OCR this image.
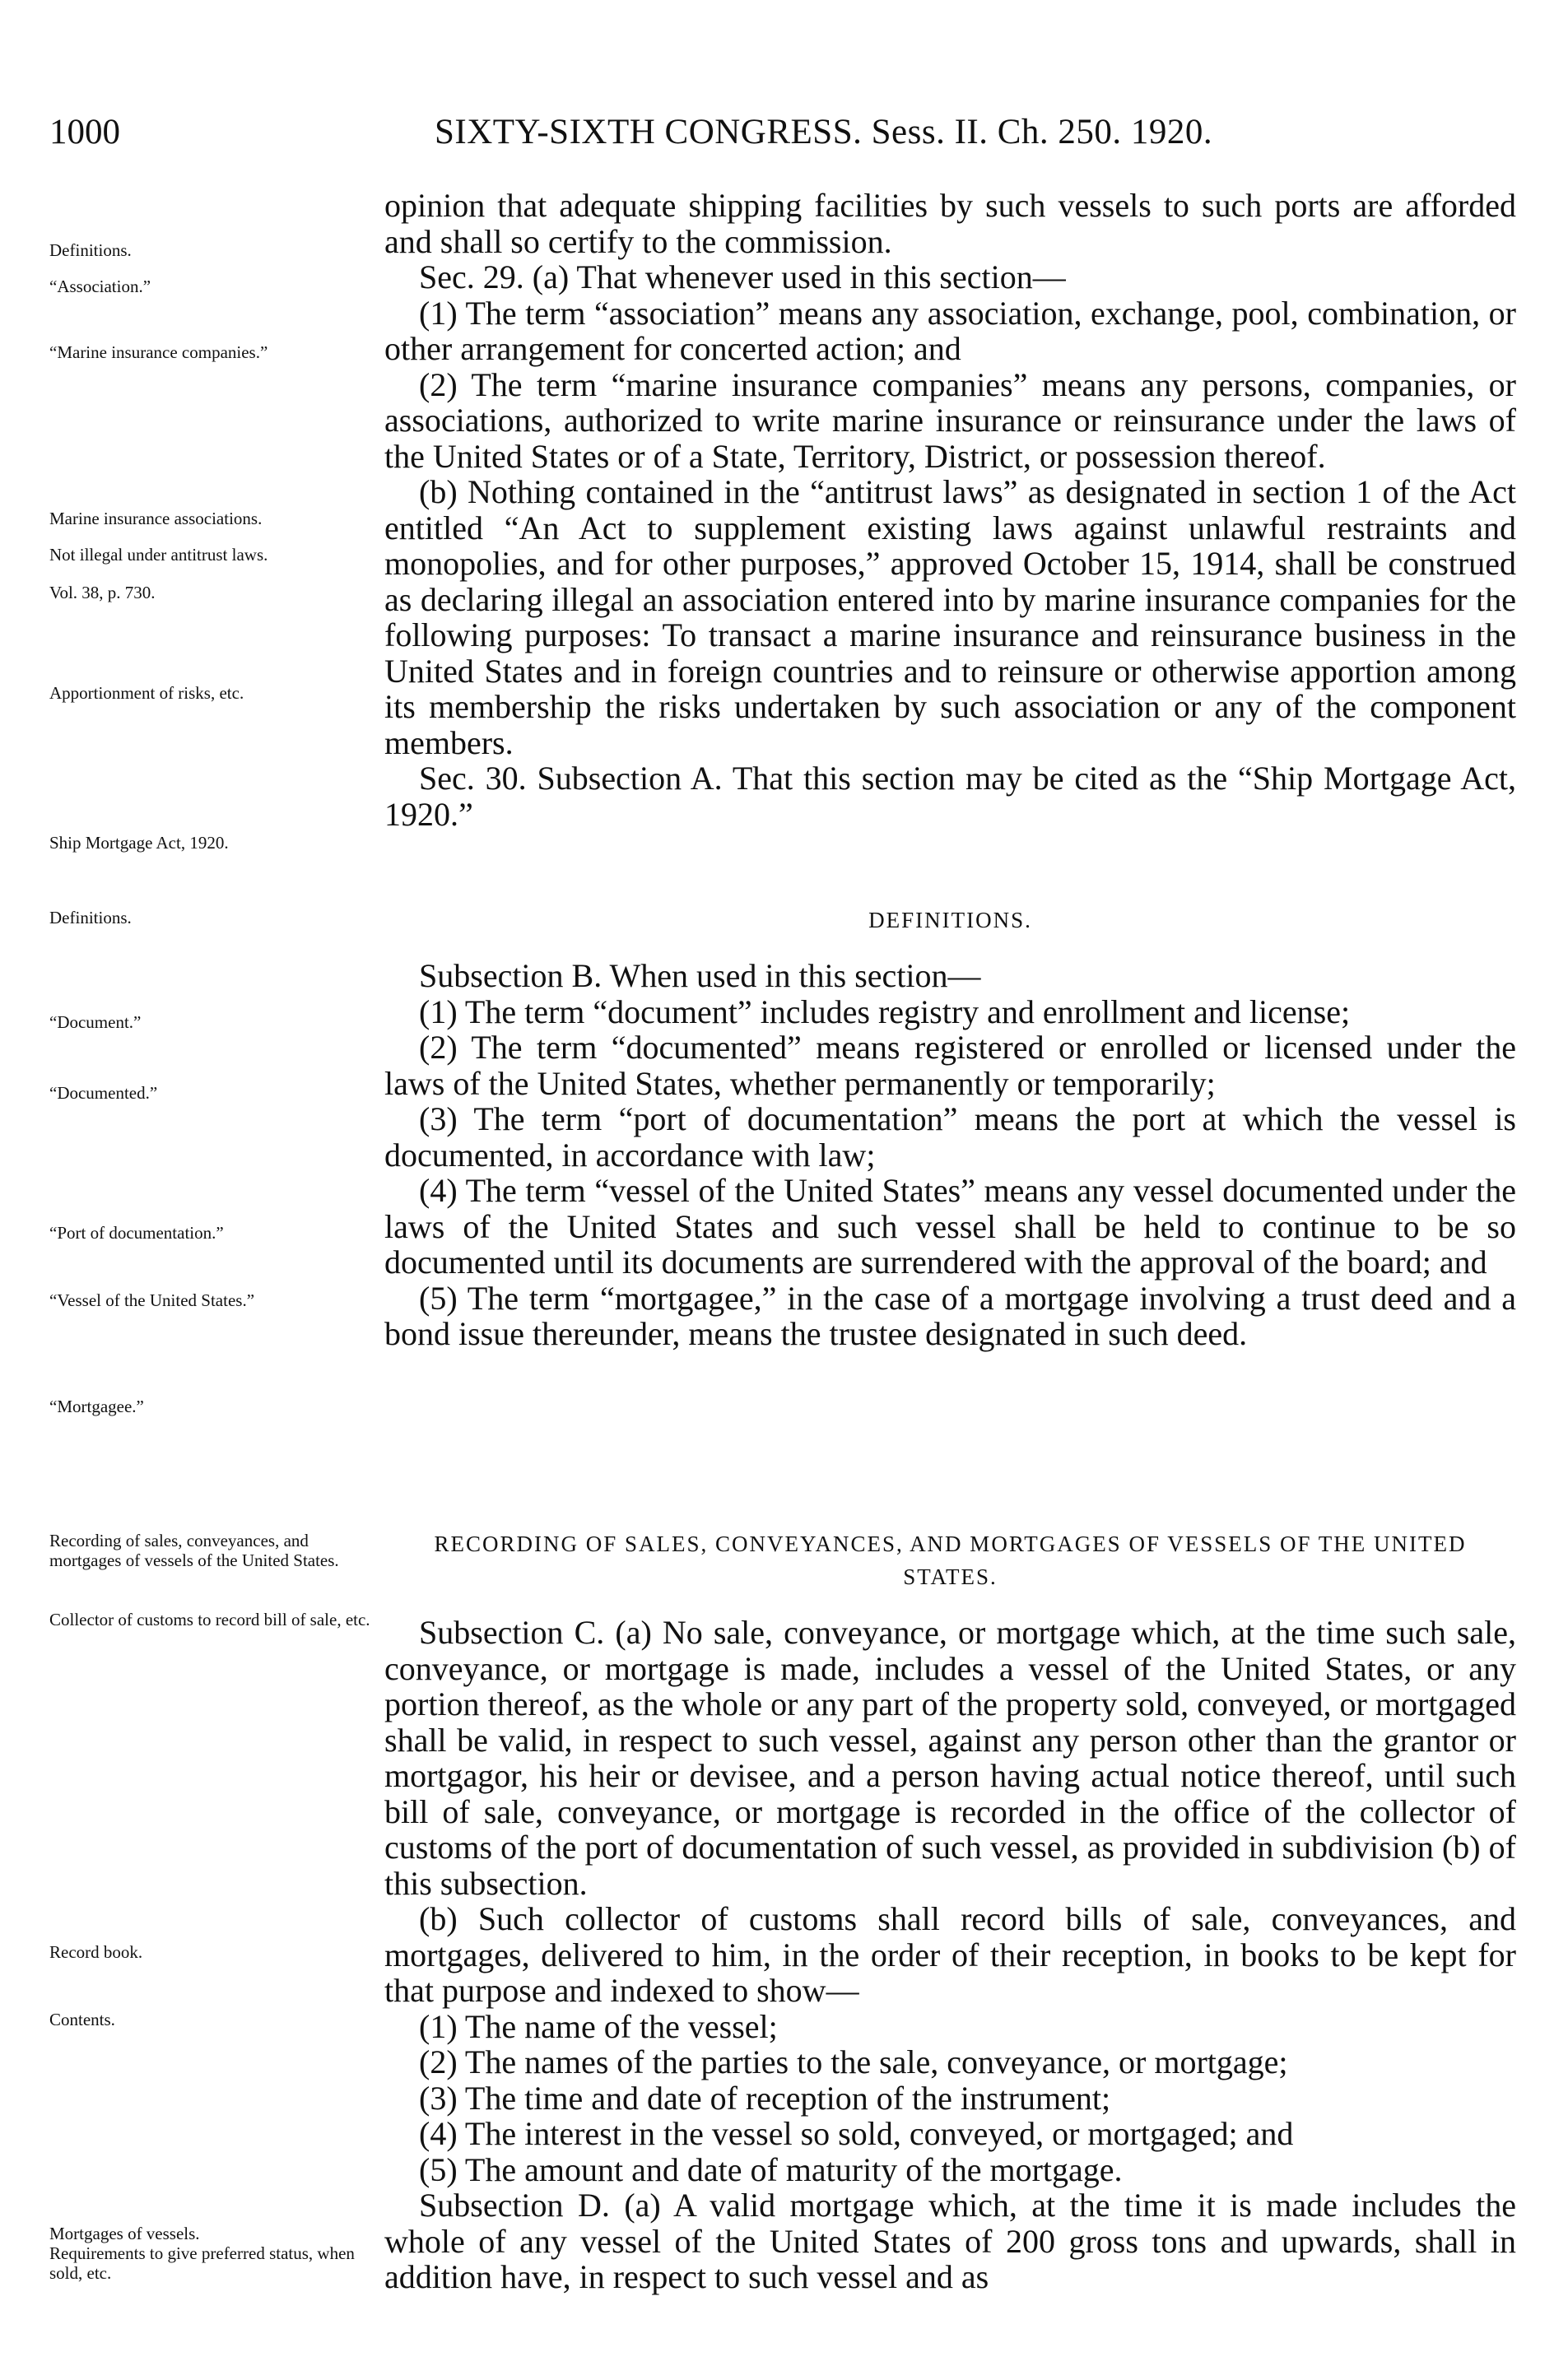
1000	SIXTY-SIXTH CONGRESS. Sess. II. Ch. 250. 1920.
Definitions.
“Association.”
“Marine insurance companies.”
Marine insurance associations.
Not illegal under antitrust laws.
Vol. 38, p. 730.
Apportionment of risks, etc.
Ship Mortgage Act, 1920.
Definitions.
“Document.”
“Documented.”
“Port of documentation.”
“Vessel of the United States.”
“Mortgagee.”
Recording of sales, conveyances, and mortgages of vessels of the United States.
Collector of customs to record bill of sale, etc.
Record book.
Contents.
Mortgages of vessels.
Requirements to give preferred status, when sold, etc.

opinion that adequate shipping facilities by such vessels to such ports are afforded and shall so certify to the commission.

Sec. 29. (a) That whenever used in this section—

(1) The term “association” means any association, exchange, pool, combination, or other arrangement for concerted action; and

(2) The term “marine insurance companies” means any persons, companies, or associations, authorized to write marine insurance or reinsurance under the laws of the United States or of a State, Territory, District, or possession thereof.

(b) Nothing contained in the “antitrust laws” as designated in section 1 of the Act entitled “An Act to supplement existing laws against unlawful restraints and monopolies, and for other purposes,” approved October 15, 1914, shall be construed as declaring illegal an association entered into by marine insurance companies for the following purposes: To transact a marine insurance and reinsurance business in the United States and in foreign countries and to reinsure or otherwise apportion among its membership the risks undertaken by such association or any of the component members.

Sec. 30. Subsection A. That this section may be cited as the “Ship Mortgage Act, 1920.”

DEFINITIONS.

Subsection B. When used in this section—

(1) The term “document” includes registry and enrollment and license;

(2) The term “documented” means registered or enrolled or licensed under the laws of the United States, whether permanently or temporarily;

(3) The term “port of documentation” means the port at which the vessel is documented, in accordance with law;

(4) The term “vessel of the United States” means any vessel documented under the laws of the United States and such vessel shall be held to continue to be so documented until its documents are surrendered with the approval of the board; and

(5) The term “mortgagee,” in the case of a mortgage involving a trust deed and a bond issue thereunder, means the trustee designated in such deed.

RECORDING OF SALES, CONVEYANCES, AND MORTGAGES OF VESSELS OF THE UNITED STATES.

Subsection C. (a) No sale, conveyance, or mortgage which, at the time such sale, conveyance, or mortgage is made, includes a vessel of the United States, or any portion thereof, as the whole or any part of the property sold, conveyed, or mortgaged shall be valid, in respect to such vessel, against any person other than the grantor or mortgagor, his heir or devisee, and a person having actual notice thereof, until such bill of sale, conveyance, or mortgage is recorded in the office of the collector of customs of the port of documentation of such vessel, as provided in subdivision (b) of this subsection.

(b) Such collector of customs shall record bills of sale, conveyances, and mortgages, delivered to him, in the order of their reception, in books to be kept for that purpose and indexed to show—

(1) The name of the vessel;

(2) The names of the parties to the sale, conveyance, or mortgage;

(3) The time and date of reception of the instrument;

(4) The interest in the vessel so sold, conveyed, or mortgaged; and

(5) The amount and date of maturity of the mortgage.

Subsection D. (a) A valid mortgage which, at the time it is made includes the whole of any vessel of the United States of 200 gross tons and upwards, shall in addition have, in respect to such vessel and as
